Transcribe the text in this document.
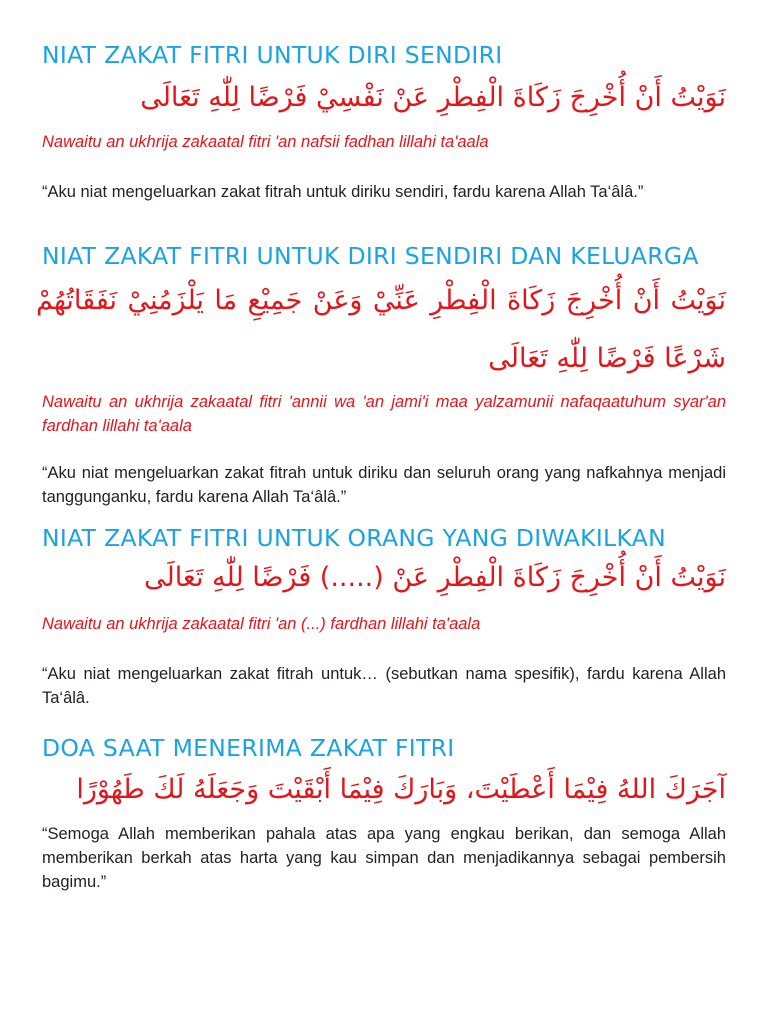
NIAT ZAKAT FITRI UNTUK DIRI SENDIRI
نَوَيْتُ أَنْ أُخْرِجَ زَكَاةَ الْفِطْرِ عَنْ نَفْسِيْ فَرْضًا لِلّٰهِ تَعَالَى
Nawaitu an ukhrija zakaatal fitri 'an nafsii fadhan lillahi ta'aala
“Aku niat mengeluarkan zakat fitrah untuk diriku sendiri, fardu karena Allah Ta‘âlâ.”
NIAT ZAKAT FITRI UNTUK DIRI SENDIRI DAN KELUARGA
نَوَيْتُ أَنْ أُخْرِجَ زَكَاةَ الْفِطْرِ عَنِّيْ وَعَنْ جَمِيْعِ مَا يَلْزَمُنِيْ نَفَقَاتُهُمْ شَرْعًا فَرْضًا لِلّٰهِ تَعَالَى
Nawaitu an ukhrija zakaatal fitri 'annii wa 'an jami'i maa yalzamunii nafaqaatuhum syar'an fardhan lillahi ta'aala
“Aku niat mengeluarkan zakat fitrah untuk diriku dan seluruh orang yang nafkahnya menjadi tanggunganku, fardu karena Allah Ta‘âlâ.”
NIAT ZAKAT FITRI UNTUK ORANG YANG DIWAKILKAN
نَوَيْتُ أَنْ أُخْرِجَ زَكَاةَ الْفِطْرِ عَنْ (.....) فَرْضًا لِلّٰهِ تَعَالَى
Nawaitu an ukhrija zakaatal fitri 'an (...) fardhan lillahi ta'aala
“Aku niat mengeluarkan zakat fitrah untuk… (sebutkan nama spesifik), fardu karena Allah Ta‘âlâ.
DOA SAAT MENERIMA ZAKAT FITRI
آجَرَكَ اللهُ فِيْمَا أَعْطَيْتَ، وَبَارَكَ فِيْمَا أَبْقَيْتَ وَجَعَلَهُ لَكَ طَهُوْرًا
“Semoga Allah memberikan pahala atas apa yang engkau berikan, dan semoga Allah memberikan berkah atas harta yang kau simpan dan menjadikannya sebagai pembersih bagimu.”
